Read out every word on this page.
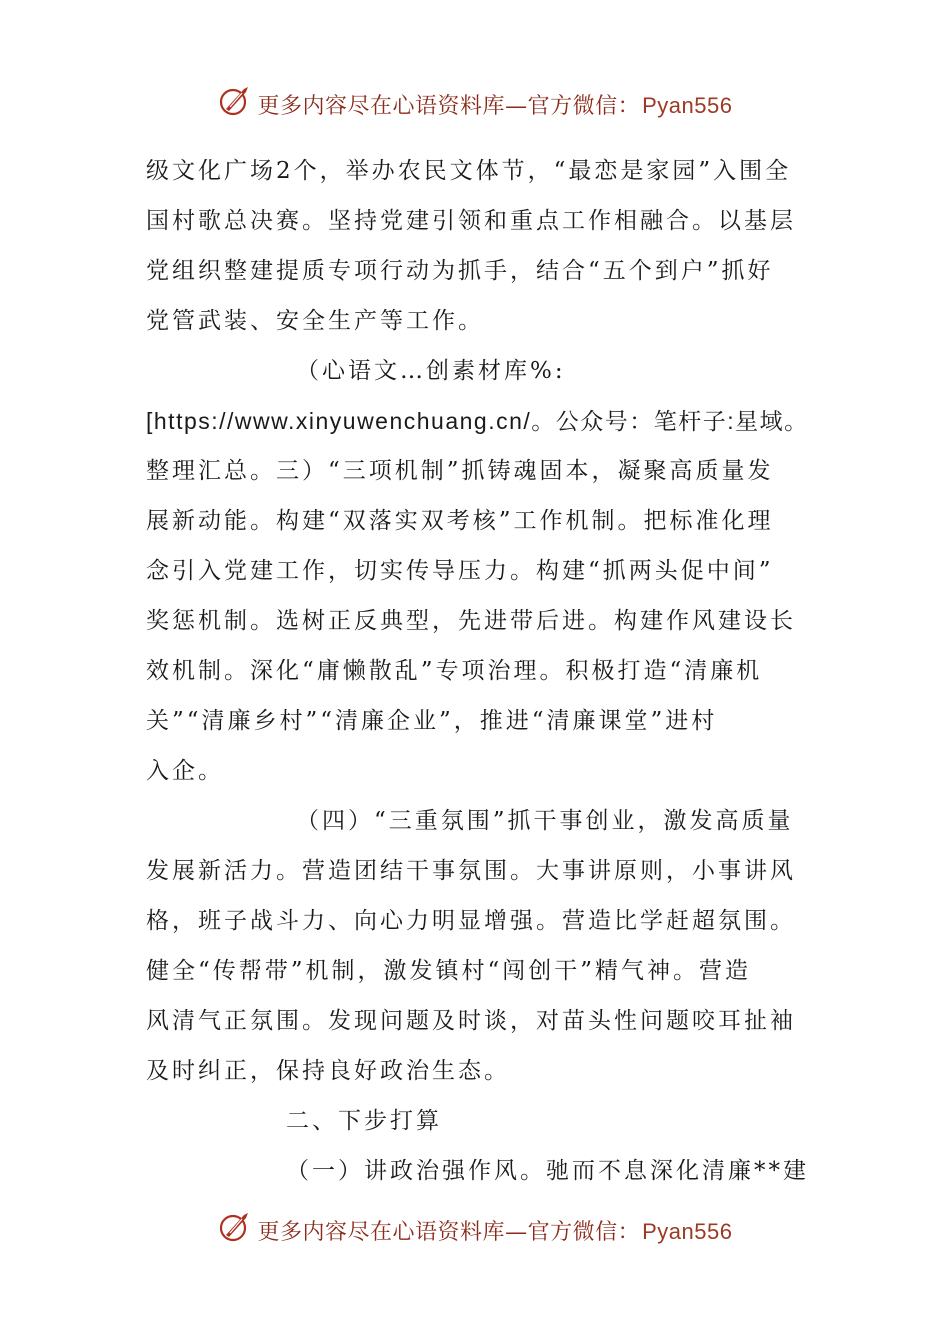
更多内容尽在心语资料库 — 官方微信： Pyan556
级文化广场2个，举办农民文体节，“最恋是家园”入围全
国村歌总决赛。坚持党建引领和重点工作相融合。以基层
党组织整建提质专项行动为抓手，结合“五个到户”抓好
党管武装、安全生产等工作。
（心语文…创素材库%:
[https://www.xinyuwenchuang.cn/。公众号：笔杆子:星域。
整理汇总。三）“三项机制”抓铸魂固本，凝聚高质量发
展新动能。构建“双落实双考核”工作机制。把标准化理
念引入党建工作，切实传导压力。构建“抓两头促中间”
奖惩机制。选树正反典型，先进带后进。构建作风建设长
效机制。深化“庸懒散乱”专项治理。积极打造“清廉机
关”“清廉乡村”“清廉企业”，推进“清廉课堂”进村
入企。
（四）“三重氛围”抓干事创业，激发高质量
发展新活力。营造团结干事氛围。大事讲原则，小事讲风
格，班子战斗力、向心力明显增强。营造比学赶超氛围。
健全“传帮带”机制，激发镇村“闯创干”精气神。营造
风清气正氛围。发现问题及时谈，对苗头性问题咬耳扯袖
及时纠正，保持良好政治生态。
二、下步打算
（一）讲政治强作风。驰而不息深化清廉**建
更多内容尽在心语资料库 — 官方微信： Pyan556
